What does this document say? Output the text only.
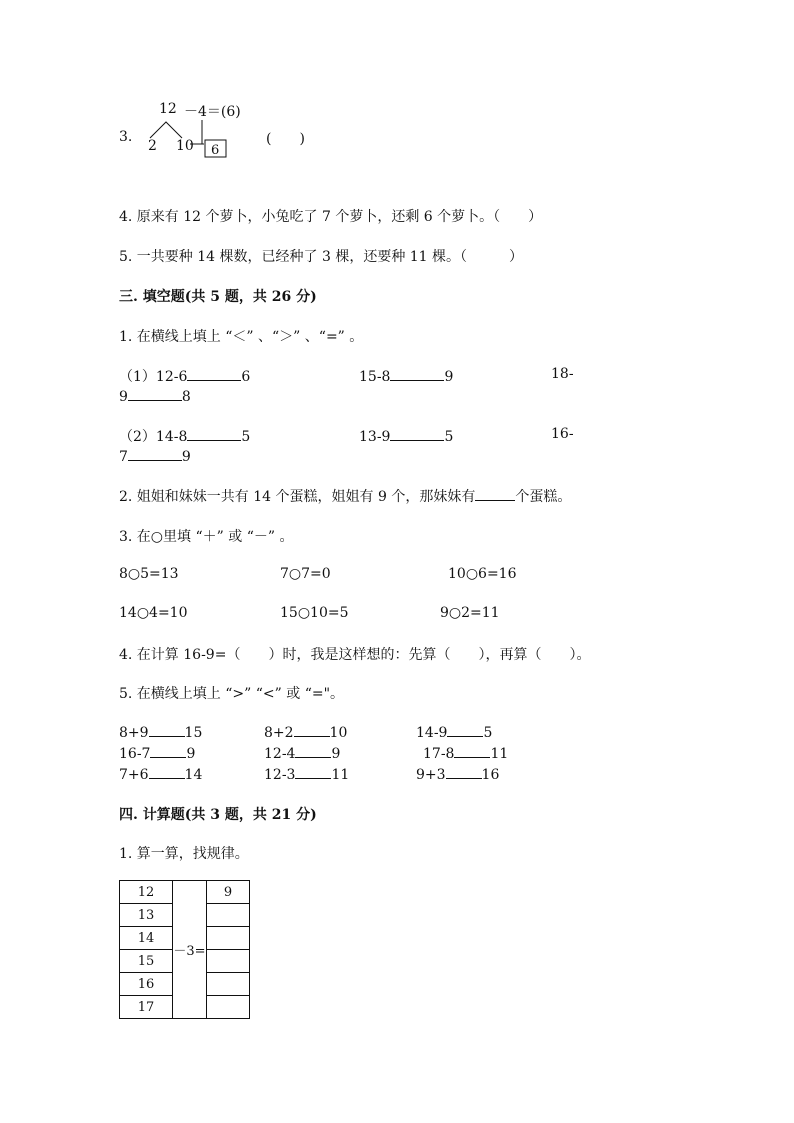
3.
12 －4＝(6)
2 10 6
(　　)
4. 原来有 12 个萝卜，小兔吃了 7 个萝卜，还剩 6 个萝卜。（　　）
5. 一共要种 14 棵数，已经种了 3 棵，还要种 11 棵。（　　　）
三. 填空题(共 5 题，共 26 分)
1. 在横线上填上 “＜” 、“＞” 、“=” 。
（1）12-6	6	15-8	9	18-
9	8
（2）14-8	5	13-9	5	16-
7	9
2. 姐姐和妹妹一共有 14 个蛋糕，姐姐有 9 个，那妹妹有	个蛋糕。
3. 在○里填 “＋” 或 “－” 。
8○5=13	7○7=0	10○6=16
14○4=10	15○10=5	9○2=11
4. 在计算 16-9=（　　）时，我是这样想的：先算（　　），再算（　　）。
5. 在横线上填上 “>” “<” 或 “="。
8+9	15	8+2	10	14-9	5
16-7	9	12-4	9	17-8	11
7+6	14	12-3	11	9+3	16
四. 计算题(共 3 题，共 21 分)
1. 算一算，找规律。
12	－3=	9
13		
14		
15		
16		
17		
